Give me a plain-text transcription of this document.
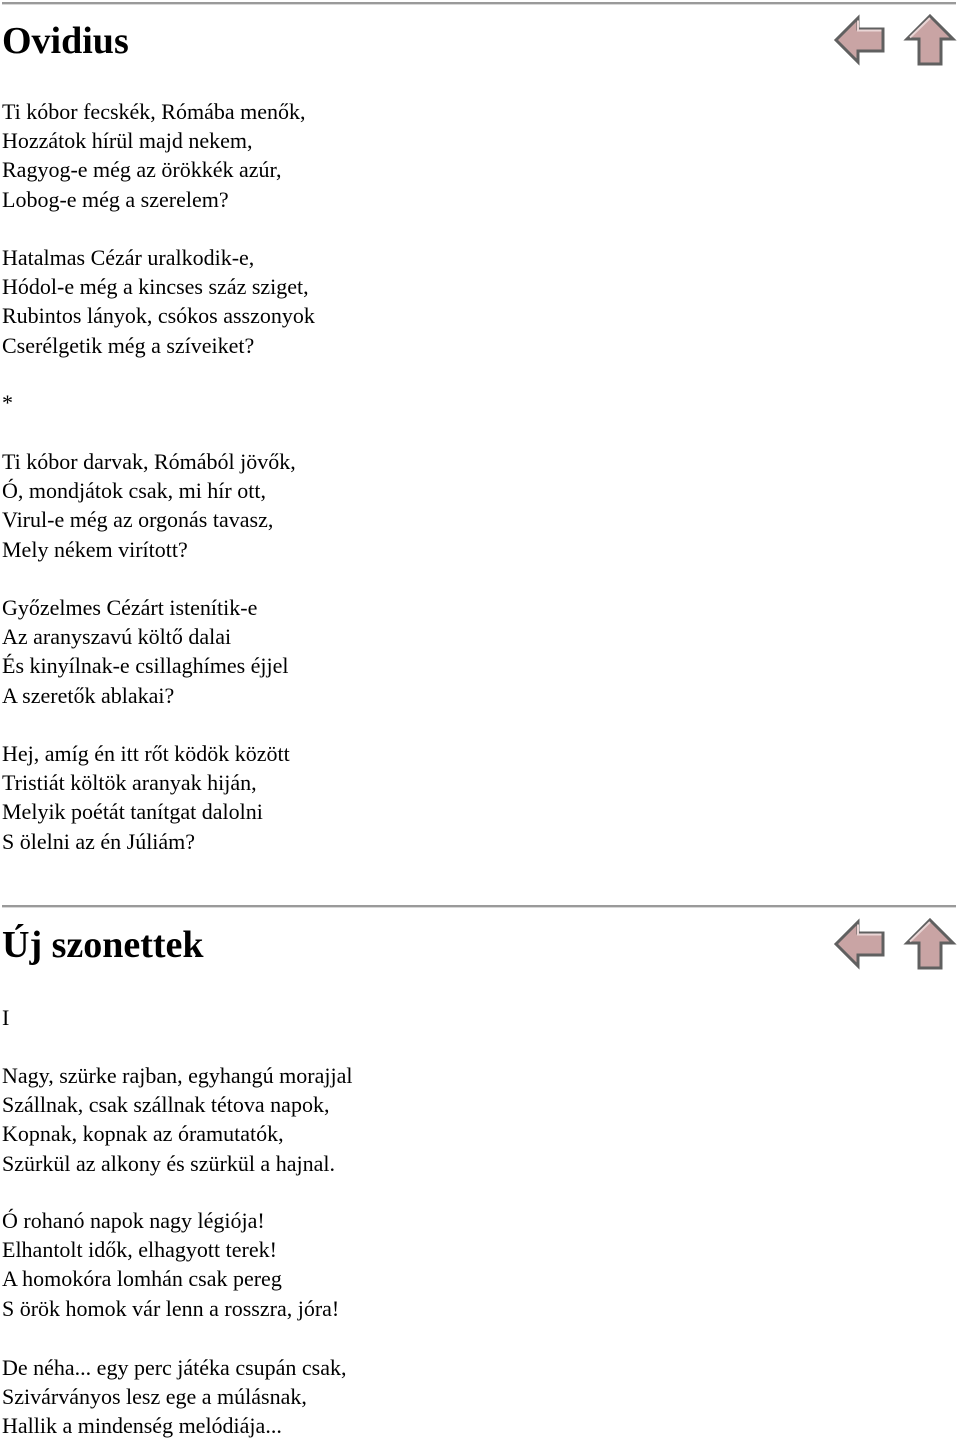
Ovidius
Ti kóbor fecskék, Rómába menők,
Hozzátok hírül majd nekem,
Ragyog-e még az örökkék azúr,
Lobog-e még a szerelem?
Hatalmas Cézár uralkodik-e,
Hódol-e még a kincses száz sziget,
Rubintos lányok, csókos asszonyok
Cserélgetik még a szíveiket?
*
Ti kóbor darvak, Rómából jövők,
Ó, mondjátok csak, mi hír ott,
Virul-e még az orgonás tavasz,
Mely nékem virított?
Győzelmes Cézárt istenítik-e
Az aranyszavú költő dalai
És kinyílnak-e csillaghímes éjjel
A szeretők ablakai?
Hej, amíg én itt rőt ködök között
Tristiát költök aranyak hiján,
Melyik poétát tanítgat dalolni
S ölelni az én Júliám?
Új szonettek
I
Nagy, szürke rajban, egyhangú morajjal
Szállnak, csak szállnak tétova napok,
Kopnak, kopnak az óramutatók,
Szürkül az alkony és szürkül a hajnal.
Ó rohanó napok nagy légiója!
Elhantolt idők, elhagyott terek!
A homokóra lomhán csak pereg
S örök homok vár lenn a rosszra, jóra!
De néha... egy perc játéka csupán csak,
Szivárványos lesz ege a múlásnak,
Hallik a mindenség melódiája...
